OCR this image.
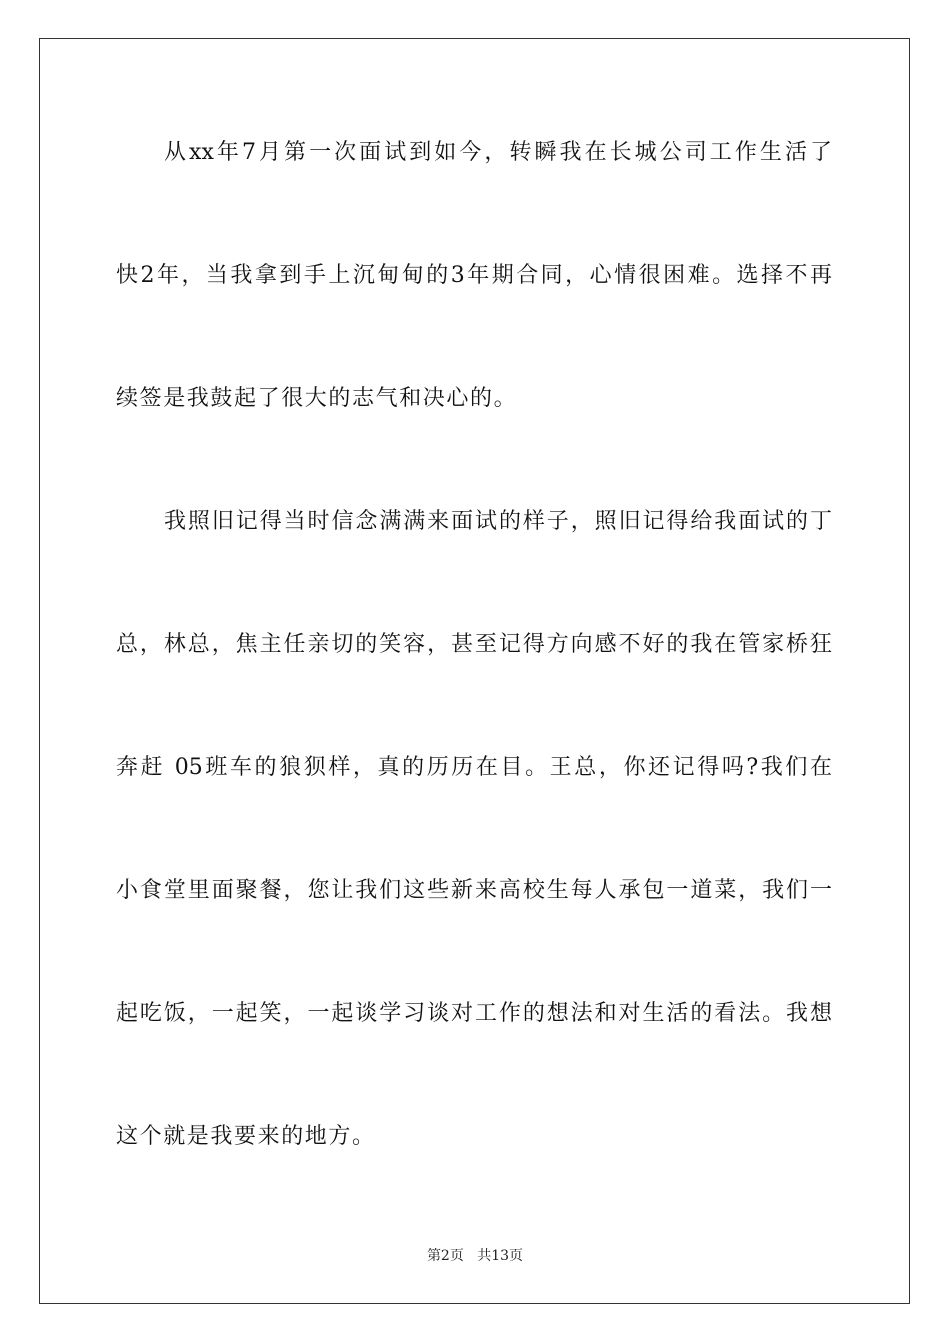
从xx年7月第一次面试到如今，转瞬我在长城公司工作生活了
快2年，当我拿到手上沉甸甸的3年期合同，心情很困难。选择不再
续签是我鼓起了很大的志气和决心的。
我照旧记得当时信念满满来面试的样子，照旧记得给我面试的丁
总，林总，焦主任亲切的笑容，甚至记得方向感不好的我在管家桥狂
奔赶 05班车的狼狈样，真的历历在目。王总，你还记得吗?我们在
小食堂里面聚餐，您让我们这些新来高校生每人承包一道菜，我们一
起吃饭，一起笑，一起谈学习谈对工作的想法和对生活的看法。我想
这个就是我要来的地方。
第2页 共13页
